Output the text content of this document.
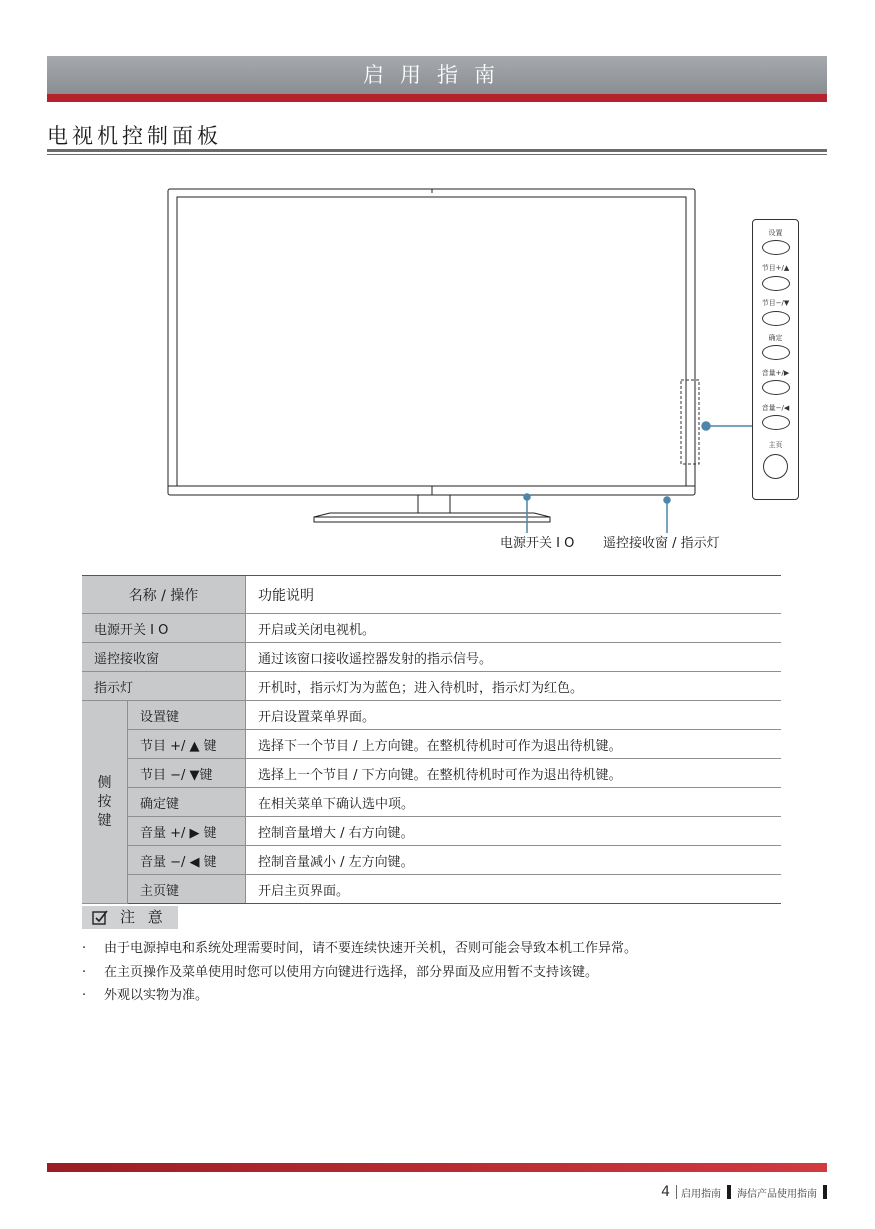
启用指南
电视机控制面板
电源开关 I O 遥控接收窗 / 指示灯
设置
节目+/▲
节目−/▼
确定
音量+/▶
音量−/◀
主页
名称 / 操作		功能说明
电源开关 I O		开启或关闭电视机。
遥控接收窗		通过该窗口接收遥控器发射的指示信号。
指示灯		开机时，指示灯为为蓝色；进入待机时，指示灯为红色。
侧按键	设置键	开启设置菜单界面。
	节目 +/ ▲ 键	选择下一个节目 / 上方向键。在整机待机时可作为退出待机键。
	节目 −/ ▼键	选择上一个节目 / 下方向键。在整机待机时可作为退出待机键。
	确定键	在相关菜单下确认选中项。
	音量 +/ ▶ 键	控制音量增大 / 右方向键。
	音量 −/ ◀ 键	控制音量减小 / 左方向键。
	主页键	开启主页界面。
注 意
· 由于电源掉电和系统处理需要时间，请不要连续快速开关机，否则可能会导致本机工作异常。
· 在主页操作及菜单使用时您可以使用方向键进行选择，部分界面及应用暂不支持该键。
· 外观以实物为准。
4 启用指南 海信产品使用指南
